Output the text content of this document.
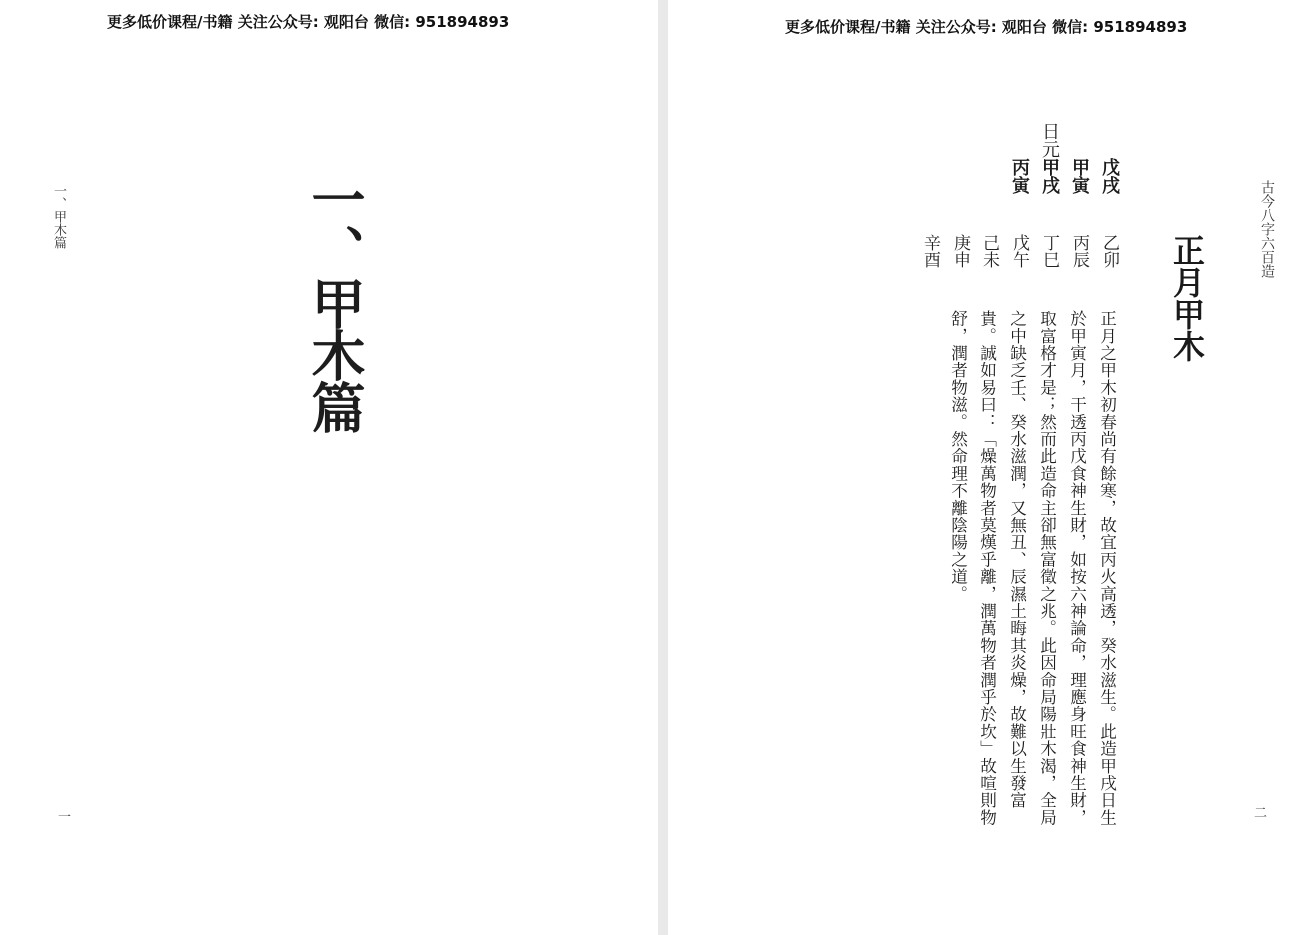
更多低价课程/书籍 关注公众号: 观阳台 微信: 951894893
一、甲木篇	一、甲木篇
一
更多低价课程/书籍 关注公众号: 观阳台 微信: 951894893
古今八字六百造
正月甲木
戊戌
甲寅
日元甲戌
丙寅
乙卯
丙辰
丁巳
戊午
己未
庚申
辛酉
正月之甲木初春尚有餘寒，故宜丙火高透，癸水滋生。此造甲戌日生
於甲寅月，干透丙戊食神生財，如按六神論命，理應身旺食神生財，
取富格才是；然而此造命主卻無富徵之兆。此因命局陽壯木渴，全局
之中缺乏壬、癸水滋潤，又無丑、辰濕土晦其炎燥，故難以生發富
貴。誠如易曰：「燥萬物者莫熯乎離，潤萬物者潤乎於坎」故喧則物
舒，潤者物滋。然命理不離陰陽之道。
二
